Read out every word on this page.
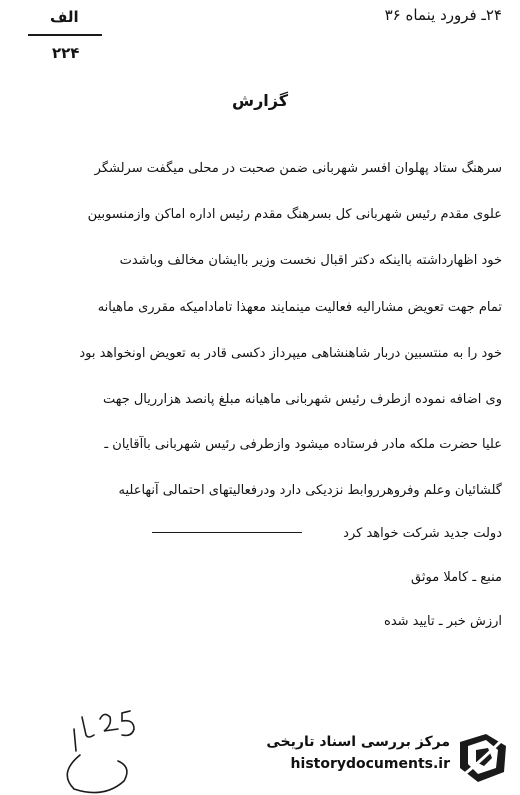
۲۴ـ فرورد ینماه ۳۶
الف
۲۲۴
گزارش
سرهنگ ستاد پهلوان افسر شهربانی ضمن صحبت در محلی میگفت سرلشگر
علوی مقدم رئیس شهربانی کل بسرهنگ مقدم رئیس اداره اماکن وازمنسوبین
خود اظهارداشته بااینکه دکتر اقبال نخست وزیر باایشان مخالف وباشدت
تمام جهت تعویض مشارالیه فعالیت مینمایند معهذا تامادامیکه مقرری ماهیانه
خود را به منتسبین دربار شاهنشاهی میپرداز دکسی قادر به تعویض اونخواهد بود
وی اضافه نموده ازطرف رئیس شهربانی ماهیانه مبلغ پانصد هزارریال جهت
علیا حضرت ملکه مادر فرستاده میشود وازطرفی رئیس شهربانی باآقایان ـ
گلشائیان وعلم وفروهرروابط نزدیکی دارد ودرفعالیتهای احتمالی آنهاعلیه
دولت جدید شرکت خواهد کرد
منبع ـ کاملا موثق
ارزش خبر ـ تایید شده
مرکز بررسی اسناد تاریخی
historydocuments.ir
